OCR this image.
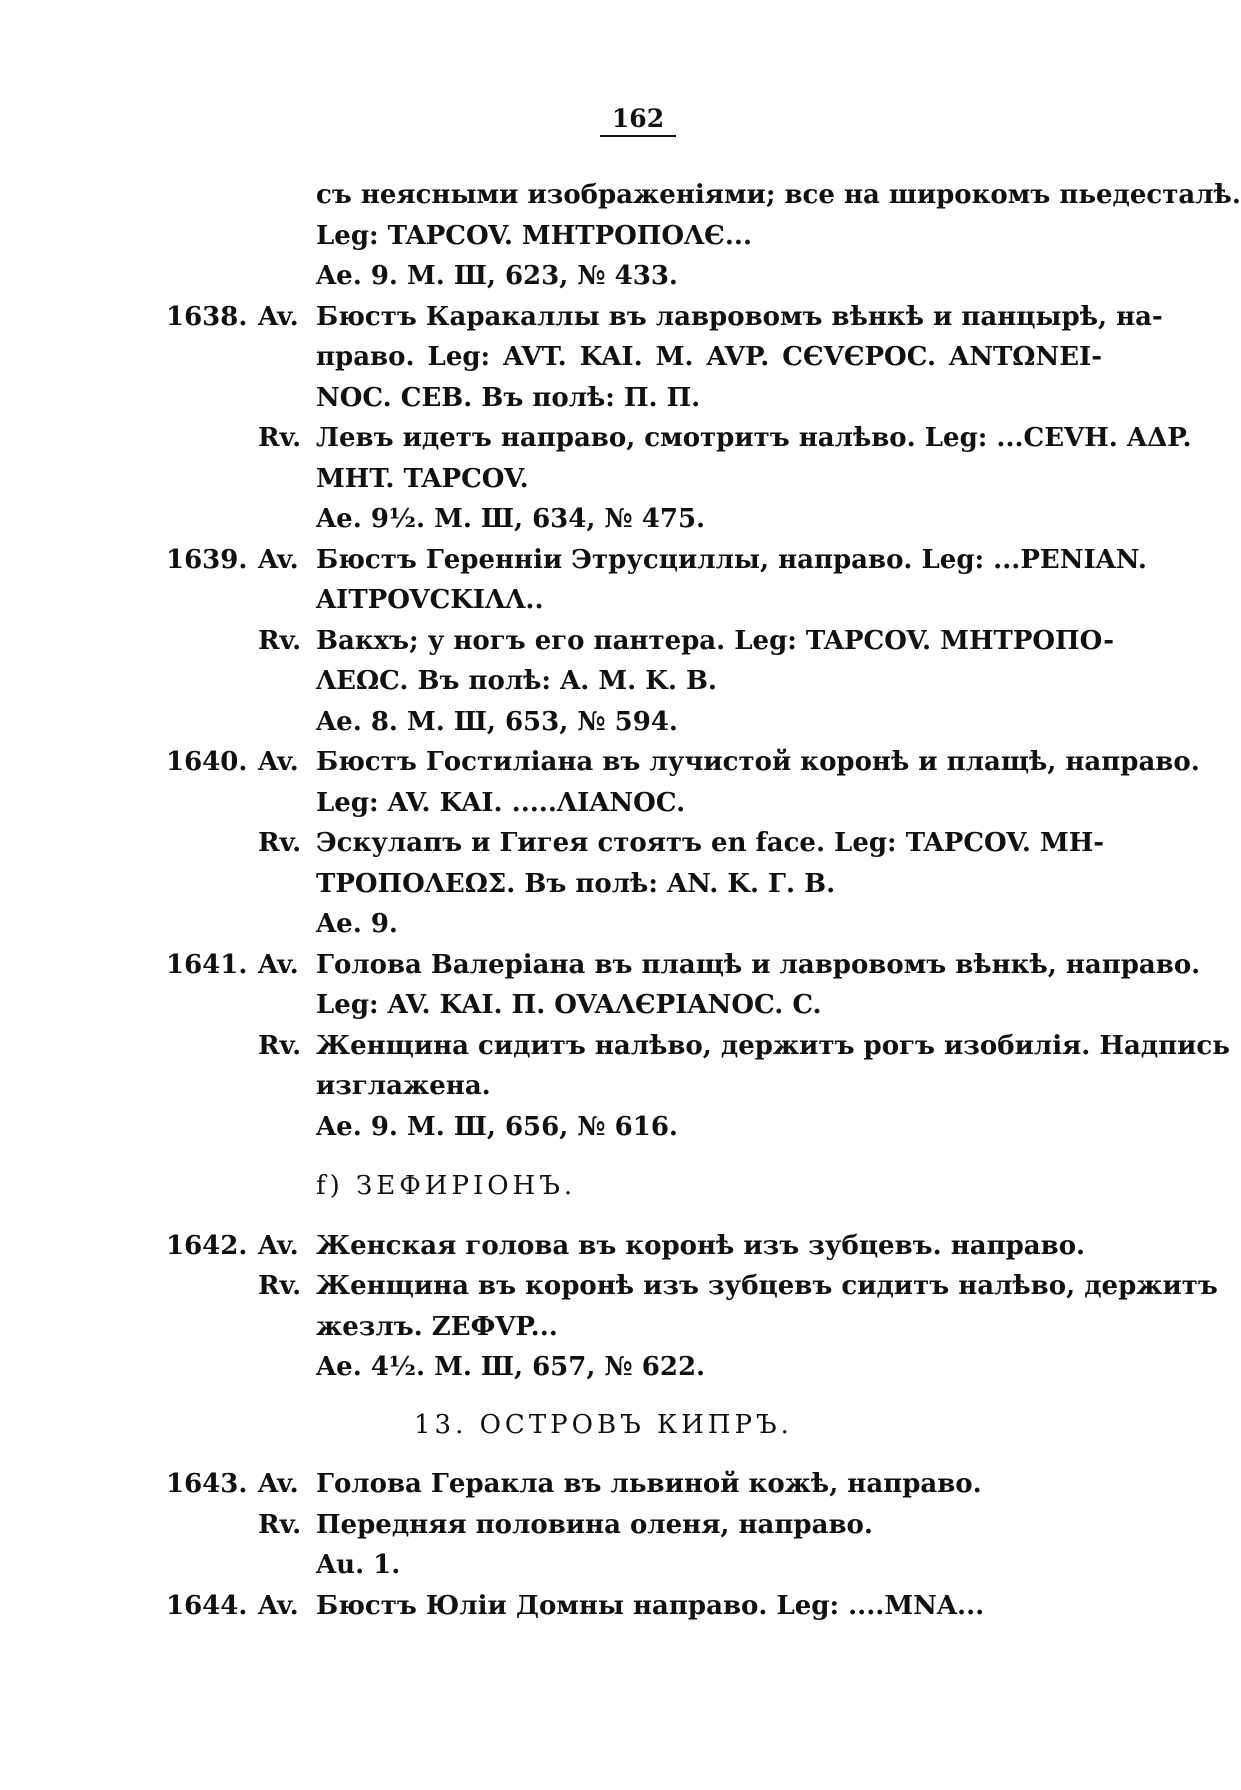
162
съ неясными изображеніями; все на широкомъ пьедесталѣ.
Leg: TAPCOV. MHTPOПOΛЄ...
Ae. 9. M. Ш, 623, № 433.
1638. Av. Бюстъ Каракаллы въ лавровомъ вѣнкѣ и панцырѣ, на-
право. Leg: AVT. KAI. M. AVP. CЄVЄPOC. ANTΩNEI-
NOC. CEB. Въ полѣ: П. П.
Rv. Левъ идетъ направо, смотритъ налѣво. Leg: ...CEVH. AΔP.
MHT. TAPCOV.
Ae. 9½. M. Ш, 634, № 475.
1639. Av. Бюстъ Геренніи Этрусциллы, направо. Leg: ...PENIAN.
AITPOVCKIΛΛ..
Rv. Вакхъ; у ногъ его пантера. Leg: TAPCOV. MHTPOПO-
ΛEΩC. Въ полѣ: A. M. K. B.
Ae. 8. M. Ш, 653, № 594.
1640. Av. Бюстъ Гостиліана въ лучистой коронѣ и плащѣ, направо.
Leg: AV. KAI. .....ΛIANOC.
Rv. Эскулапъ и Гигея стоятъ en face. Leg: TAPCOV. MH-
TPOПOΛEΩΣ. Въ полѣ: AN. K. Г. B.
Ae. 9.
1641. Av. Голова Валеріана въ плащѣ и лавровомъ вѣнкѣ, направо.
Leg: AV. KAI. П. OVAΛЄPIANOC. C.
Rv. Женщина сидитъ налѣво, держитъ рогъ изобилія. Надпись
изглажена.
Ae. 9. M. Ш, 656, № 616.
f) ЗЕФИРІОНЪ.
1642. Av. Женская голова въ коронѣ изъ зубцевъ. направо.
Rv. Женщина въ коронѣ изъ зубцевъ сидитъ налѣво, держитъ
жезлъ. ZEФVP...
Ae. 4½. M. Ш, 657, № 622.
13. ОСТРОВЪ КИПРЪ.
1643. Av. Голова Геракла въ львиной кожѣ, направо.
Rv. Передняя половина оленя, направо.
Au. 1.
1644. Av. Бюстъ Юліи Домны направо. Leg: ....MNA...
